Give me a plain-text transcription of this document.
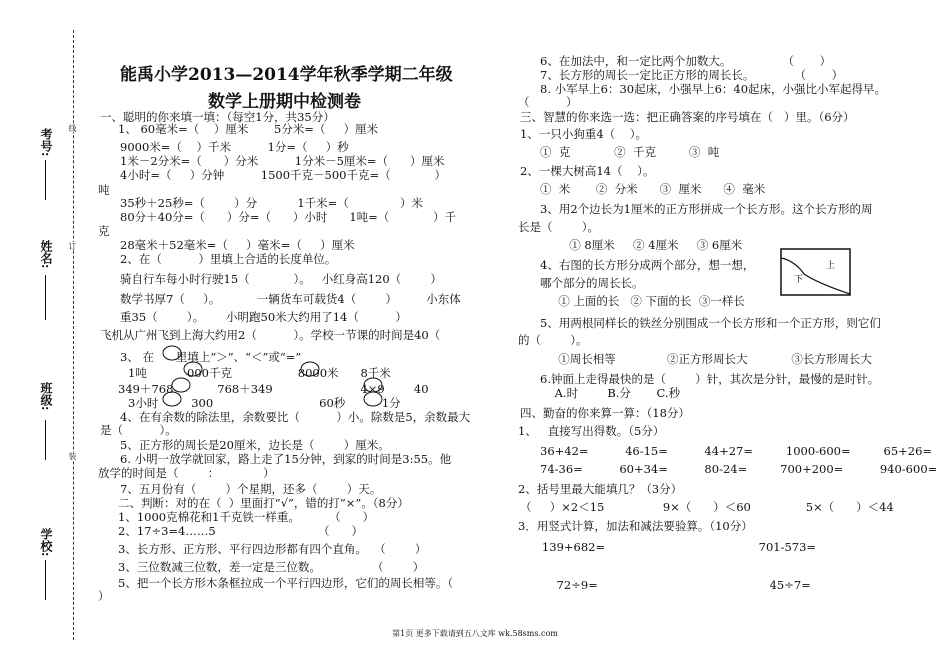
考号:
姓名:
班级:
学校:
线
订
装
能禹小学2013—2014学年秋季学期二年级
数学上册期中检测卷
一、聪明的你来填一填：（每空1分，共35分）
1、 60毫米=（    ）厘米       5分米=（     ）厘米
9000米=（    ）千米          1分=（     ）秒
1米－2分米=（      ）分米          1分米－5厘米=（      ）厘米
4小时=（     ）分钟          1500千克－500千克=（            ）
吨
35秒＋25秒=（        ）分           1千米=（              ）米
80分＋40分=（      ）分=（      ）小时      1吨=（            ）千
克
28毫米＋52毫米=（     ）毫米=（     ）厘米
2、在（          ）里填上合适的长度单位。
骑自行车每小时行驶15（            ）。   小红身高120（        ）
数学书厚7（     ）。          一辆货车可载货4（        ）        小东体
重35（        ）。      小明跑50米大约用了14（          ）
飞机从广州飞到上海大约用2（          ）。学校一节课的时间是40（
3、 在      里填上“＞”、“＜”或“=”
1吨           000千克                  8000米      8千米
349＋768            768＋349                        4×9        40
3小时         300                             60秒          1分
4、在有余数的除法里，余数要比（          ）小。除数是5，余数最大
是（          ）。
5、正方形的周长是20厘米，边长是（        ）厘米。
6. 小明一放学就回家，路上走了15分钟，到家的时间是3:55。他
放学的时间是（        ：            ）
7、五月份有（        ）个星期，还多（        ）天。
二、判断：对的在（  ）里面打“√”，错的打“×”。（8分）
1、1000克棉花和1千克铁一样重。        （      ）
2、17÷3=4……5                            （      ）
3、长方形、正方形、平行四边形都有四个直角。  （        ）
3、三位数减三位数，差一定是三位数。              （        ）
5、把一个长方形木条框拉成一个平行四边形，它们的周长相等。（
）
6、在加法中，和一定比两个加数大。              （       ）
7、长方形的周长一定比正方形的周长长。           （       ）
8. 小军早上6：30起床，小强早上6：40起床，小强比小军起得早。
（          ）
三、智慧的你来选一选：把正确答案的序号填在（   ）里。（6分）
1、一只小狗重4（    ）。
①  克            ②  千克         ③  吨
2、一棵大树高14（    ）。
①  米       ②  分米      ③  厘米      ④  毫米
3、用2个边长为1厘米的正方形拼成一个长方形。这个长方形的周
长是（        ）。
① 8厘米     ② 4厘米     ③ 6厘米
4、右图的长方形分成两个部分，想一想，
哪个部分的周长长。
上
下
① 上面的长   ② 下面的长  ③一样长
5、用两根同样长的铁丝分别围成一个长方形和一个正方形，则它们
的（        ）。
①周长相等              ②正方形周长大            ③长方形周长大
6.钟面上走得最快的是（        ）针，其次是分针，最慢的是时针。
A.时        B.分       C.秒
四、勤奋的你来算一算：（18分）
1、   直接写出得数。（5分）
36+42=          46-15=          44+27=         1000-600=         65+26=
74-36=          60+34=          80-24=         700+200=          940-600=
2、括号里最大能填几？（3分）
（     ）×2＜15                9×（      ）＜60               5×（      ）＜44
3．用竖式计算，加法和减法要验算。（10分）
139+682=                                          701-573=
72÷9=                                               45÷7=
第1页 更多下载请到五八文库 wk.58sms.com
